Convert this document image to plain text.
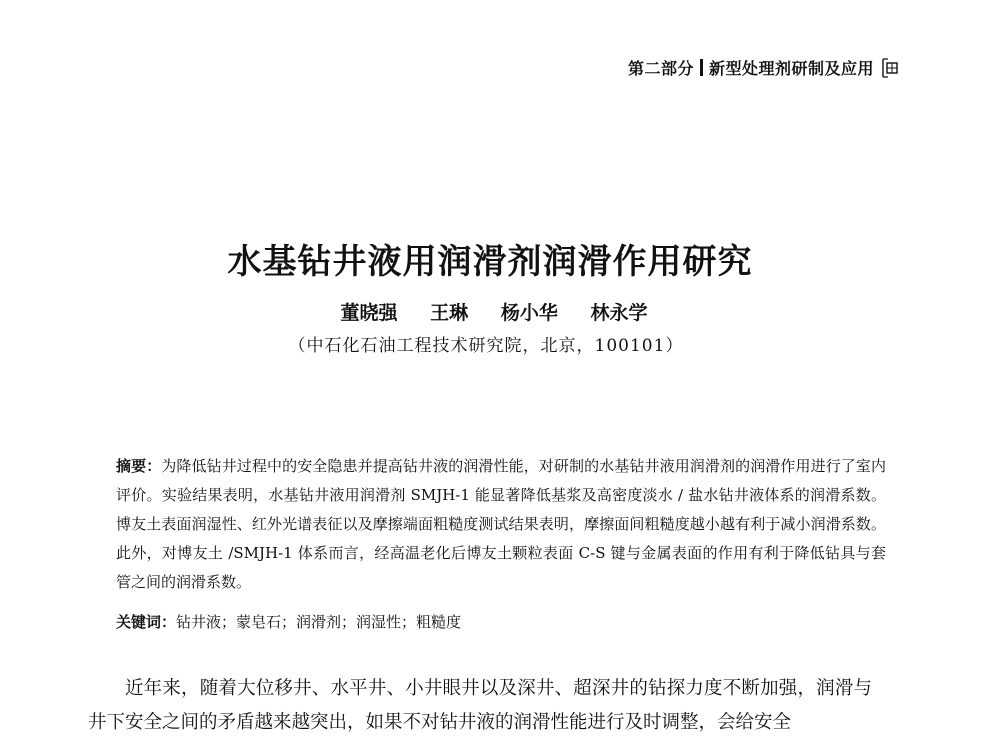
第二部分 新型处理剂研制及应用
水基钻井液用润滑剂润滑作用研究
董晓强 王琳 杨小华 林永学
（中石化石油工程技术研究院，北京，100101）
摘要：为降低钻井过程中的安全隐患并提高钻井液的润滑性能，对研制的水基钻井液用润滑剂的润滑作用进行了室内评价。实验结果表明，水基钻井液用润滑剂 SMJH-1 能显著降低基浆及高密度淡水 / 盐水钻井液体系的润滑系数。博友土表面润湿性、红外光谱表征以及摩擦端面粗糙度测试结果表明，摩擦面间粗糙度越小越有利于减小润滑系数。此外，对博友土 /SMJH-1 体系而言，经高温老化后博友土颗粒表面 C-S 键与金属表面的作用有利于降低钻具与套管之间的润滑系数。
关键词：钻井液；蒙皂石；润滑剂；润湿性；粗糙度
近年来，随着大位移井、水平井、小井眼井以及深井、超深井的钻探力度不断加强，润滑与井下安全之间的矛盾越来越突出，如果不对钻井液的润滑性能进行及时调整，会给安全
